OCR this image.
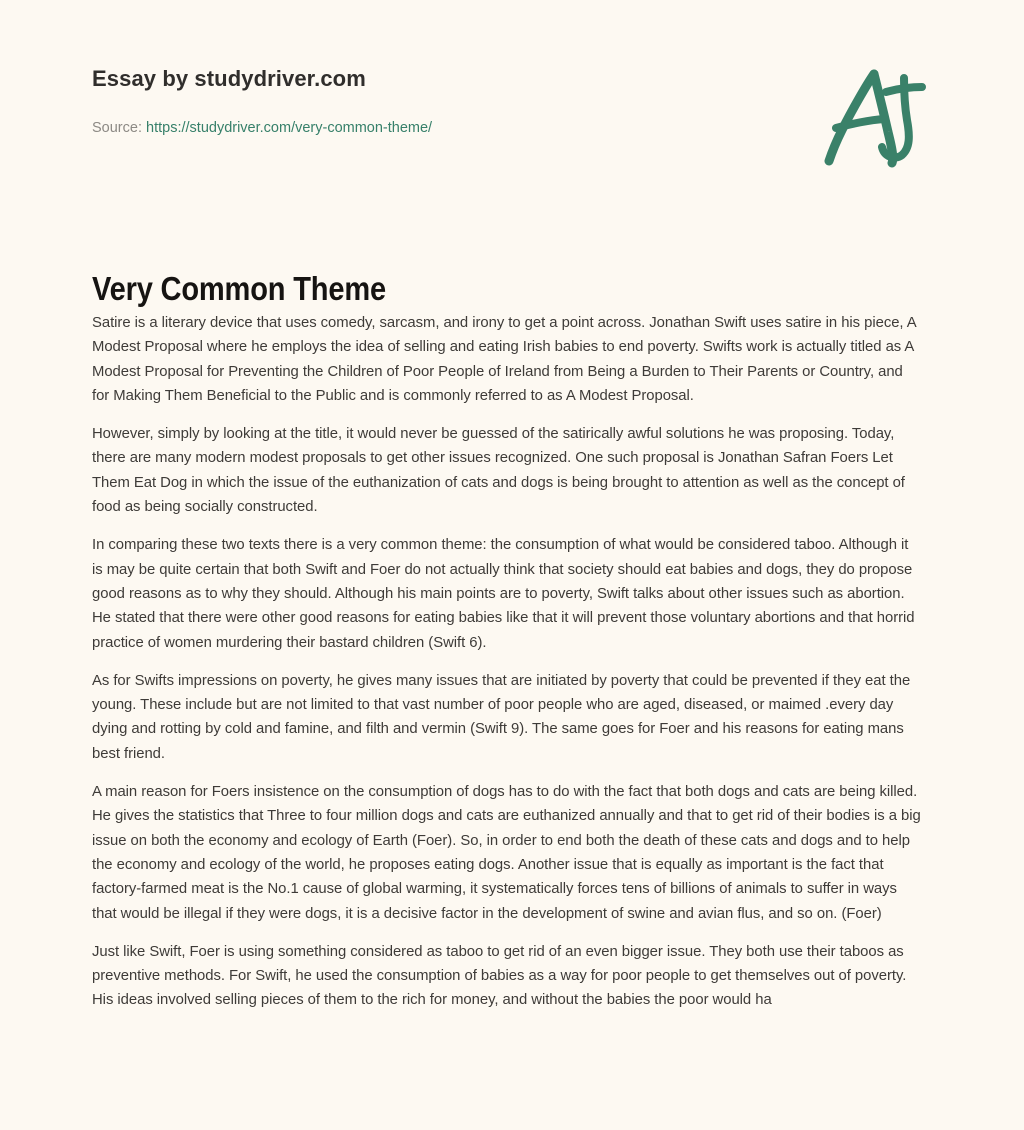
Essay by studydriver.com
Source: https://studydriver.com/very-common-theme/
Very Common Theme

Satire is a literary device that uses comedy, sarcasm, and irony to get a point across. Jonathan Swift uses satire in his piece, A Modest Proposal where he employs the idea of selling and eating Irish babies to end poverty. Swifts work is actually titled as A Modest Proposal for Preventing the Children of Poor People of Ireland from Being a Burden to Their Parents or Country, and for Making Them Beneficial to the Public and is commonly referred to as A Modest Proposal.

However, simply by looking at the title, it would never be guessed of the satirically awful solutions he was proposing. Today, there are many modern modest proposals to get other issues recognized. One such proposal is Jonathan Safran Foers Let Them Eat Dog in which the issue of the euthanization of cats and dogs is being brought to attention as well as the concept of food as being socially constructed.

In comparing these two texts there is a very common theme: the consumption of what would be considered taboo. Although it is may be quite certain that both Swift and Foer do not actually think that society should eat babies and dogs, they do propose good reasons as to why they should. Although his main points are to poverty, Swift talks about other issues such as abortion. He stated that there were other good reasons for eating babies like that it will prevent those voluntary abortions and that horrid practice of women murdering their bastard children (Swift 6).

As for Swifts impressions on poverty, he gives many issues that are initiated by poverty that could be prevented if they eat the young. These include but are not limited to that vast number of poor people who are aged, diseased, or maimed .every day dying and rotting by cold and famine, and filth and vermin (Swift 9). The same goes for Foer and his reasons for eating mans best friend.

A main reason for Foers insistence on the consumption of dogs has to do with the fact that both dogs and cats are being killed. He gives the statistics that Three to four million dogs and cats are euthanized annually and that to get rid of their bodies is a big issue on both the economy and ecology of Earth (Foer). So, in order to end both the death of these cats and dogs and to help the economy and ecology of the world, he proposes eating dogs. Another issue that is equally as important is the fact that factory-farmed meat is the No.1 cause of global warming, it systematically forces tens of billions of animals to suffer in ways that would be illegal if they were dogs, it is a decisive factor in the development of swine and avian flus, and so on. (Foer)

Just like Swift, Foer is using something considered as taboo to get rid of an even bigger issue. They both use their taboos as preventive methods. For Swift, he used the consumption of babies as a way for poor people to get themselves out of poverty. His ideas involved selling pieces of them to the rich for money, and without the babies the poor would ha
